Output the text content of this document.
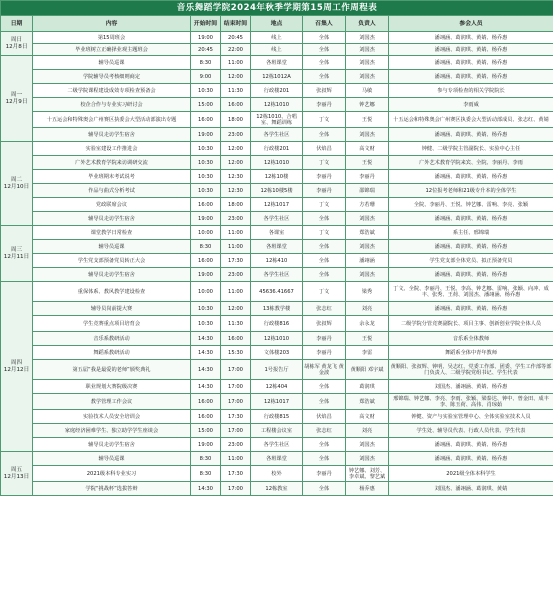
音乐舞蹈学院2024年秋季学期第15周工作周程表							
日期	内容	开始时间	结束时间	地点	召集人	负责人	参会人员
周日
12月8日	第15周班会	19:00	20:45	线上	全体	刘国杰	潘翊涵、葛润琪、黄婧、杨乔惠
	毕业班树立正确择业观主题班会	20:45	22:00	线上	全体	刘国杰	潘翊涵、葛润琪、黄婧、杨乔惠
周一
12月9日	辅导员巡课	8:30	11:00	各班课堂	全体	刘国杰	潘翊涵、葛润琪、黄婧、杨乔惠
	学院辅导员考核细则商定	9:00	12:00	12栋1012A	全体	刘国杰	潘翊涵、葛润琪、黄婧、杨乔惠
	二级学院课程建设成效专项检查预备会	10:30	11:30	行政楼201	张叔辉	马敏	参与专项检查的相关学院院长
	校企合作与专业实习研讨会	15:00	16:00	12栋1010	李丽丹	钟艺娜	李雨威
	十五运会和特殊奥会广州赛区执委会大型活动部演出专题	16:00	18:00	12栋1010、合唱室、舞蹈训练	丁文	王悦	十五运会和特殊奥会广州赛区执委会大型活动部成员、张志红、黄婧
	辅导员走访学生宿舍	19:00	23:00	各学生社区	全体	刘国杰	潘翊涵、葛润琪、黄婧、杨乔惠
周二
12月10日	实验室建设工作推进会	10:30	12:00	行政楼201	伏焰昌	高文财	钟健、二级学院主管副院长、实验中心主任
	广外艺术教育学院来访调研交流	10:30	12:00	12栋1010	丁文	王悦	广外艺术教育学院来宾、全院、李丽丹、李雨
	毕业班期末考试说考	10:30	12:30	12栋10楼	李丽丹	李丽丹	潘翊涵、葛润琪、黄婧、杨乔惠
	作品与曲式分析考试	10:30	12:30	12栋10楼5楼	李丽丹	邵锦瑞	12位报考老师和21级专升本的全体学生
	党政联席会议	16:00	18:00	12栋1017	丁文	方若珊	全院、李丽丹、王悦、钟艺娜、雷响、李亮、张颖
	辅导员走访学生宿舍	19:00	23:00	各学生社区	全体	刘国杰	潘翊涵、葛润琪、黄婧、杨乔惠
周三
12月11日	课堂教学日常检查	10:00	11:00	各课室	丁文	郑浩斌	系主任、邢锦瑞
	辅导员巡课	8:30	11:00	各班课堂	全体	刘国杰	潘翊涵、葛润琪、黄婧、杨乔惠
	学生党支部预备党员转正大会	16:00	17:30	12栋410	全体	潘翊涵	学生党支部全体党员、拟正预备党员
	辅导员走访学生宿舍	19:00	23:00	各学生社区	全体	刘国杰	潘翊涵、葛润琪、黄婧、杨乔惠
周四
12月12日	重保体系、教风教学建设检查	10:00	11:00	45636.41667	丁文	梁秀	丁文、全院、李丽丹、王悦、李高、钟艺娜、雷响、张颖、向冲、成丰、张秀、王荷、刘国杰、潘翊涵、杨乔惠
	辅导员岗前提大赛	10:30	12:00	13栋教学楼	张志红	刘亮	潘翊涵、葛润琪、黄婧、杨乔惠
	学生竞赛重点项目培育会	10:30	11:30	行政楼816	张叔辉	余永龙	二级学院分管竞赛副院长、项目主事、创新创业学院全体人员
	音乐系教研活动	14:30	16:00	12栋1010	李丽丹	王悦	音乐系全体教师
	舞蹈系教研活动	14:30	15:30	文体楼203	李丽丹	李雷	舞蹈系全体中青年教师
	第五届“我是最爱的老师”颁奖典礼	14:30	17:00	1号报告厅	胡栋军 黄龙飞 黄金波	黄顺阳 邓宇斌	黄顺阳、张叔辉、钟明、吴志红、党委工作部、团委、学生工作部等部门负责人、二级学院党组书记、学生代表
	职业规划大赛院级决赛	14:30	17:00	12栋404	全体	葛润琪	刘国杰、潘翊涵、黄婧、杨乔惠
	教学管理工作会议	16:00	17:00	12栋1017	全体	郑浩斌	邢锦瑞、钟艺娜、李亮、李雨、张颖、梁泰达、钟中、曾金田、成丰李、陈玉荷、高伟、肖琼茹
	实验技术人员安全培训会	16:00	17:30	行政楼815	伏焰昌	高文财	钟健、资产与实验室管理中心、全体实验室技术人员
	家庭经济困难学生、独立助学学生座谈会	15:00	17:00	工程楼会议室	张志红	刘亮	学生处、辅导员代表、行政人员代表、学生代表
	辅导员走访学生宿舍	19:00	23:00	各学生社区	全体	刘国杰	潘翊涵、葛润琪、黄婧、杨乔惠
周五
12月13日	辅导员巡课	8:30	11:00	各班课堂	全体	刘国杰	潘翊涵、葛润琪、黄婧、杨乔惠
	2021级本科专业实习	8:30	17:30	校外	李丽丹	钟艺娜、刘芳、李卓斌、黎艺斌	2021级全体本科学生
	学院“挑战杯”选拔答辩	14:30	17:00	12栋教室	全体	杨乔惠	刘国杰、潘翊涵、葛润琪、黄婧
